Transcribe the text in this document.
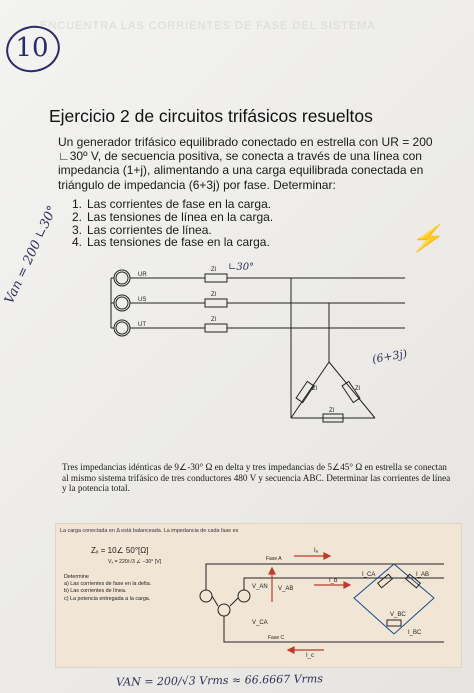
ENCUENTRA LAS CORRIENTES DE FASE DEL SISTEMA
10
Ejercicio 2 de circuitos trifásicos resueltos
Un generador trifásico equilibrado conectado en estrella con UR = 200 ∟30º V, de secuencia positiva, se conecta a través de una línea con impedancia (1+j), alimentando a una carga equilibrada conectada en triángulo de impedancia (6+3j) por fase. Determinar:
1. Las corrientes de fase en la carga.
2. Las tensiones de línea en la carga.
3. Las corrientes de línea.
4. Las tensiones de fase en la carga.
Van = 200 ∟30°	∟30°
(6+3j)
⚡
UR
US
UT
Zl
Zl
Zl
Zl	Zl
Zl
Tres impedancias idénticas de 9∠-30° Ω en delta y tres impedancias de 5∠45° Ω en estrella se conectan al mismo sistema trifásico de tres conductores 480 V y secuencia ABC. Determinar las corrientes de línea y la potencia total.
La carga conectada en Δ está balanceada. La impedancia de cada fase es
Zₓ = 10∠ 50°[Ω]
Vₓ = 220/√3 ∠ −30° [V]
Determine
a) Las corrientes de fase en la delta.
b) Las corrientes de línea.
c) La potencia entregada a la carga.
Fase A
Fase C
Iₐ
I_b
I_c
V_AB
V_AN
V_CA
I_CA	I_AB
V_BC
I_BC
VAN = 200/√3 Vrms ≈ 66.6667 Vrms
